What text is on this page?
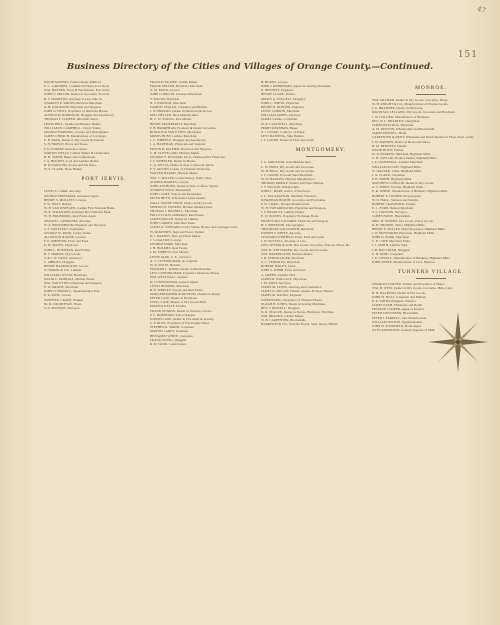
47
151
Business Directory of the Cities and Villages of Orange County.—Continued.
DAVID MAYERS, Frame Dealer, Millford.
E. C. GARDNER, Commercial Hotel, Port Jervis.
WM. HANSEN, Flour & Feed Dealer, Port Jervis.
JOHN C. MILLER, Dealer in Groceries, Front St.
R. S. HAMPTON, Attorney at Law, Pike St.
CHARLES E. SMITH, Hardware Merchant.
A. H. DAVIDSON, Physician and Surgeon.
JOHN O. HUNT, Proprietor of Delaware House.
ALFRED M. ROBINSON, Druggist and Apothecary.
THOMAS F. COOPER, Merchant Tailor.
LEWIS BELL, Saddle and Harness Maker.
WILLIAM H. CAMPBELL, Livery Stable.
GEORGE HARDING, Jeweler and Watchmaker.
JAMES CHURCH, Manufacturer of Carriages.
E. B. PARK, Dealer in Dry Goods & Notions.
S. H. BROWN, Boots and Shoes.
F. D. PORTER, Insurance Agent.
MARTIN WELLS, Cabinet Maker & Undertaker.
H. B. SMITH, Baker and Confectioner.
J. A. HOLMES, Coal and Lumber Dealer.
B. W. PARSONS, Stoves and Tin Ware.
W. S. CLARK, Book Binder.
PORT JERVIS.
LEWIS E. CARR, Attorney.
GEORGE FRIEDMAN, Insurance Agent.
HENRY S. MOLLETT, Lawyer.
F. W. NOTT, Dentist.
W. H. VAN INWEGEN, Cashier First National Bank.
W. E. SCRANTON, President First National Bank.
W. H. HOLBROOK, Real Estate Agent.
ABIJAH C. GUERNSEY, Attorney.
W. A. HOOGEBOOM, Engineer and Surveyor.
S. F. VAN FLEET, Postmaster.
GEORGE W. RUSK, Livery Stable.
ALLERTON & ROSE, Grocers.
F. E. WHEELER, Flour and Feed.
E. M. MAPES, Physician.
JOHN L. HOFFMAN, Real Estate.
H. S. HARRIS, Dry Goods.
T. & J. W. CRIST, Attorneys.
C. ABBOTT, Druggist.
HENRY BARRINGTON, Grocer.
W. BAKER & CO., Lumber.
WILLIAM COVERT, Hardware.
DAVID C. KIMBALL, Marble Works.
WM. VAN ETTEN, Physician and Surgeon.
E. W. MEADE, Merchant.
JOHN D. HOWELL, Superintendent Erie.
E. A. ROSE, Grocer.
JOSEPH B. CRANE, Banker.
M. D. COURTENAY, Hotel.
S. K. MUNSON, Surveyor.
FRANCIS McATEE, Saddle Maker.
FRANK MILLER, Hardware Merchant.
A. M. FRICK, Grocer.
JOHN CONKLIN, Licensed Physician.
T. WALSH, Physician.
H. T. FARNUM, Merchant.
SAMUEL HOGAN, Carpenter and Builder.
J. W. BROOKS, Dealer in Hardware & Stoves.
GEO. HELLER, Shoe Manufacturer.
H. C. W. YOUNG, Post Master.
HENRY McDERMOTT, Merchant.
P. H. BRODHEAD, Producer & Dealer in Leather.
HORACE & VAN ETTEN, Merchants.
MOSES HUNT, Lumber Merchant.
J. C. WHIPPLE, Druggist and Apothecary.
J. A. HARTMAN, Physician and Surgeon.
EDWIN H. PALMER, Physician and Surgeon.
C. H. CLEVELAND, Harness Maker.
GEORGE E. HOWARD, M. D., Homeopathic Physician.
J. T. WHEELER, Dealer in Books.
L. A. WELLS, Dealer in Teas, Coffees & Spices.
F. S. AUSTIN, Leader of Christian Orchestra.
WALTER HARRIS, Harness Maker.
WM. C. MILLER, Confectionery, Fruits, Nuts.
ALFRED MARVIN, Lawyer.
JOHN ANTHONY, Dealer in Teas, Coffees, Spices.
ANDREW FOLD, Blacksmith.
JOHN CASEY, Saloon and Restaurant.
PETER HEYN, Wholesale Liquor Dealer.
ISAAC WAYNE PRICE, Dealer in Dry Goods.
SIMEON W. POWERS, Harness Manufacturer.
THOMAS J. BONNELL, Merchant.
FOLLETT & B. DORMAN, Real Estate.
JAMES HOGAN, Dealer in Lumber.
JOHN CARNEY, Merchant Tailor.
JAMES A. STEWART, Livery Stable, Horses and Carriages to let.
W. McKINNEY, Sign and Fresco Painter.
D. J. BARNES, Boot and Shoe Maker.
J. S. DALTON, Lawyer.
GEORGE DORE, Merchant.
J. H. HOLMES, Real Estate.
J. M. TIBBETS, Post Master.
LEVIN PARK, C. E., Surveyor.
A. V. CUNNINGHAM, Accountant.
W. R. SWITZ, Butcher.
EDWARD L. WOOD, Dealer in Merchandise.
LEVI CUNNINGHAM, Proprietor Delaware House.
WM. WESTWALL, Teacher.
D. CUNNINGHAM, General Agent.
LEWIS HOOKER, Merchant.
B. E. SHIPLEY, Notary and Real Estate.
MARGENDANSER & RUNYON, Dealers in Drugs.
PETER CASE, Dealer in Hardware.
CHAS. CASE, Master of Dry Goods Firm.
PATRICK KELLY, Peddler.
FRANK DUNKIN, Dealer in Watches, Clocks.
P. C. ROBINSON, Saloon Keeper.
JOSEPH LANE, Dealer in Fire Arms & Jewelry.
C. P. RUSK, Proprietor of Fire Engine Hotel.
STEPHEN R. SMITH, Carpenter.
MARTIN LAREY, Gardener.
BENJAMIN WHITE, Carpenter.
FRANK SWING, Druggist.
R. R. COOK, Confectioner.
H. BURNS, Lawyer.
JOHN J. RHINEHART, Agent for Sewing Machines.
R. BENNETT, Engineer.
HENRY CLARK, Painter.
MOSES A. SUGGETT, Druggist.
JOHN L. WHITE, Physician.
HENRY B. PAINTER, Engineer.
LEWIS CORWIN, Merchant.
WILLIAM JAMES, Attorney.
JAMES CRAIG, Carpenter.
W. R. CAUDWELL, Merchant.
PERRY KERSHAW, Baker.
T. J. LOCKE, Collector of Taxes.
LEVI MANNING, Ship Builder.
J. T. LOCKE, Dealer in Feed and Grain.
MONTGOMERY.
J. G. MOULTON, Soap Manufacturer.
C. W. HUNT, Dry Goods and Groceries.
W. H. BULL, Dry Goods and Groceries.
J. T. CRANE, Iron and Steel Merchant.
W. D. HASKINS, Harness Manufacturer.
THOMAS RIDDLE, Painter and Paper Hanger.
J. T. WILSON, Wheelwright.
JOHN L. HART, Justice of the Peace.
J. C. McLAUGHLIN, Publisher Standard.
JONATHAN BOOTH, Groceries and Provisions.
F. W. CRAIG, Woolen Manufacturer.
W. H. SWEARINGTON, Physician and Surgeon.
J. T. BEAKLEY, Lumber Dealer.
E. W. DOWNS, Proprietor Exchange Hotel.
ERNEST McCLAUGHRY, Physician and Surgeon.
H. S. EMERSON, Photographer.
THEODORE GOLDSMITH, Merchant.
JOSEPH V. WHITE, Attorney.
LEONARD WINFIELD, Flour, Feed and Grain.
J. W. RUSSELL, Attorney at Law.
GEO. SENIOR & SON, Dry Goods, Groceries, Notions, Boots, &c.
WM. H. WHITTAKER, Dry Goods and Groceries.
WM. HARRINGTON, Harness Maker.
J. H. TERWILLIGER, Merchant.
S. C. VERMILYA, Physician.
ROBERT BAILEY, Tailor.
JOHN S. WEBB, Flour and Feed.
A. GREEN, Lumber Yard.
JAMES R. WALLACE, Physician.
J. M. WATT, Surveyor.
JAMES M. LEWIS, Attorney and Counsellor.
JAMES O. MILLER, Painter, Glazier & Paper Hanger.
JAMES M. BANKS, Engineer.
JOSEPH KING, Proprietor of National House.
ELIJAH H. JONES, Dealer in Sewing Machines.
BEN. J. HOWELL, Druggist.
D. R. TEAGUE, Dealer in Stoves, Hardware, Tin Ware.
WM. BRANDT, Cabinet Maker.
W. B. CARPENTER, Blacksmith.
HARRISON & CO., Wooden Bowls, Sash, Doors, Blinds.
MONROE.
WM. GRAHAM, Dealer in Dry Goods, Groceries, Drugs.
W. H. KNIGHT & CO., Manufacturers of Woolen Goods.
J. G. BRADNER, Dealer in Hardware.
DAVID McCLELLAND, Dry Goods, Groceries and Hardware.
J. W. COLLIER, Manufacturer of Blankets.
REV. W. L. BRADLEY, Clergyman.
JAMES BULLOCK, Physician.
A. M. DENTON, Wheelwright and Blacksmith.
JAMES HOWELL, Hotel.
CARPENTER & KENT, Wholesale and Retail Dealers in Flour, Feed, Grain.
J. W. HADDEN, Dealer in Boots and Shoes.
H. M. BENNETT, Painter.
DAVID BOYD, Farmer.
W. D. FARROW, Merchant, Highland Mills.
G. H. TAYLOR, Produce Dealer, Highland Mills.
J. F. CROMWELL, Lumber Merchant.
WILLIAM ELLIOT, Highland Mills.
W. WALKER, Clerk, Highland Mills.
J. A. CLARK, Carpenter.
P. H. SMITH, Highland Mills.
MATTHEW CONKLIN, Dealer in Dry Goods.
A. T. JONES, Teacher, Highland Mills.
E. R. WHITE, Manufacturer of Blankets, Highland Mills.
ROBERT P. COOPER, Photographer.
W. D. HALL, Surgeon and Dentist.
ROBERT CRAWFORD, Farmer.
E. C. FORD, Retired Merchant.
S. L. CROSSIN, Surveyor.
JAMES HOWE, Blacksmith.
MRS. H. WATERS, Dry Goods, Fancy Goods.
D. H. THORNE, Tailor, Highland Mills.
HENRY E. MILLER, Hotel Proprietor, Highland Mills.
J. W. BOSWORTH, Physician, Highland Mills.
JOHN D. BARR, Merchant.
C. E. COPP, Merchant Tailor.
J. J. SMITH, Lumber Yard.
J. B. HALSTEAD, Druggist.
C. H. ROSE, Carpenter.
J. E. COWELL, Manufacturer of Blankets, Highland Mills.
JOHN WHITE, Manufacturer of Lace, Monroe.
TURNERS VILLAGE.
CHARLES TURNER, Farmer and Proprietor of Hotel.
WM. H. WEST, Dealer in Dry Goods, Groceries, Hats, Caps.
H. H. BALDWIN, Dealer in Dry Goods.
JOHN M. HALL, Carpenter and Builder.
E. R. SMITH, Engineer, Turner's.
JAMES NASH, Wholesale and Retail.
EDWARD COOPER, Agent at Turner's.
PETER TOWNSEND, Blacksmith.
PETER J. FARRELL, Saw Manufacturer.
WILLIAM WILTON, Superintendent.
JOHN H. SCHOFIELD, Book Agent.
OTTO ANDERSON, General Supplies of Milk.
